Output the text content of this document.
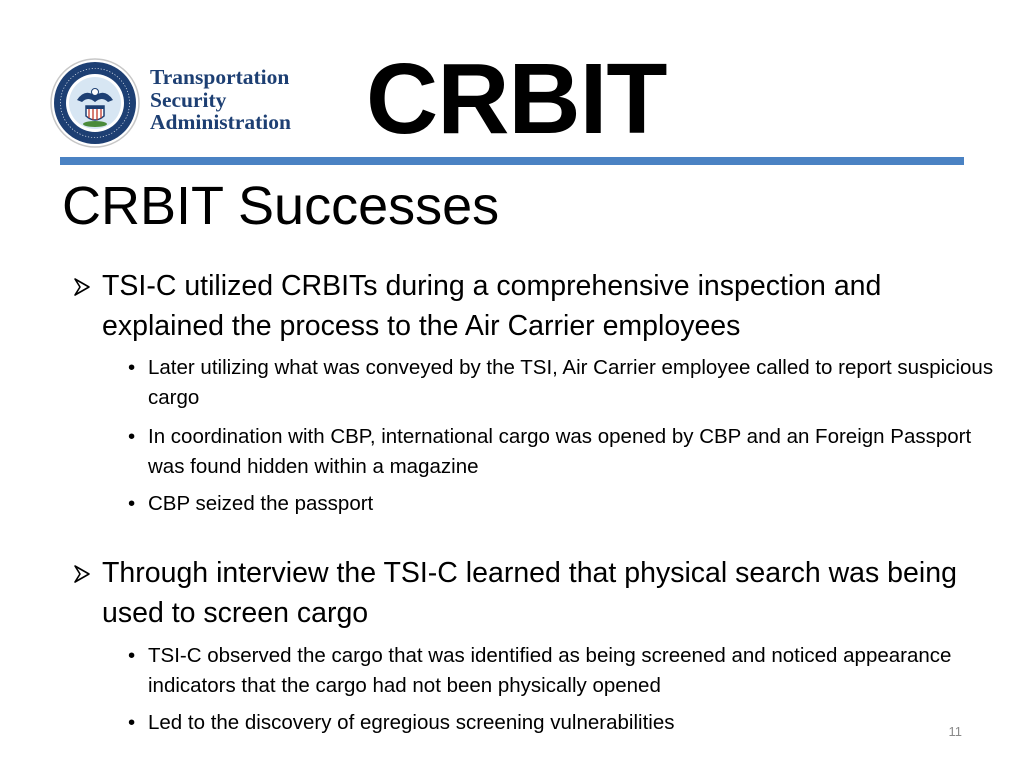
Transportation
Security
Administration CRBIT
CRBIT Successes
TSI-C utilized CRBITs during a comprehensive inspection and explained the process to the Air Carrier employees
• Later utilizing what was conveyed by the TSI, Air Carrier employee called to report suspicious cargo
• In coordination with CBP, international cargo was opened by CBP and an Foreign Passport was found hidden within a magazine
• CBP seized the passport
Through interview the TSI-C learned that physical search was being used to screen cargo
• TSI-C observed the cargo that was identified as being screened and noticed appearance indicators that the cargo had not been physically opened
• Led to the discovery of egregious screening vulnerabilities	11
